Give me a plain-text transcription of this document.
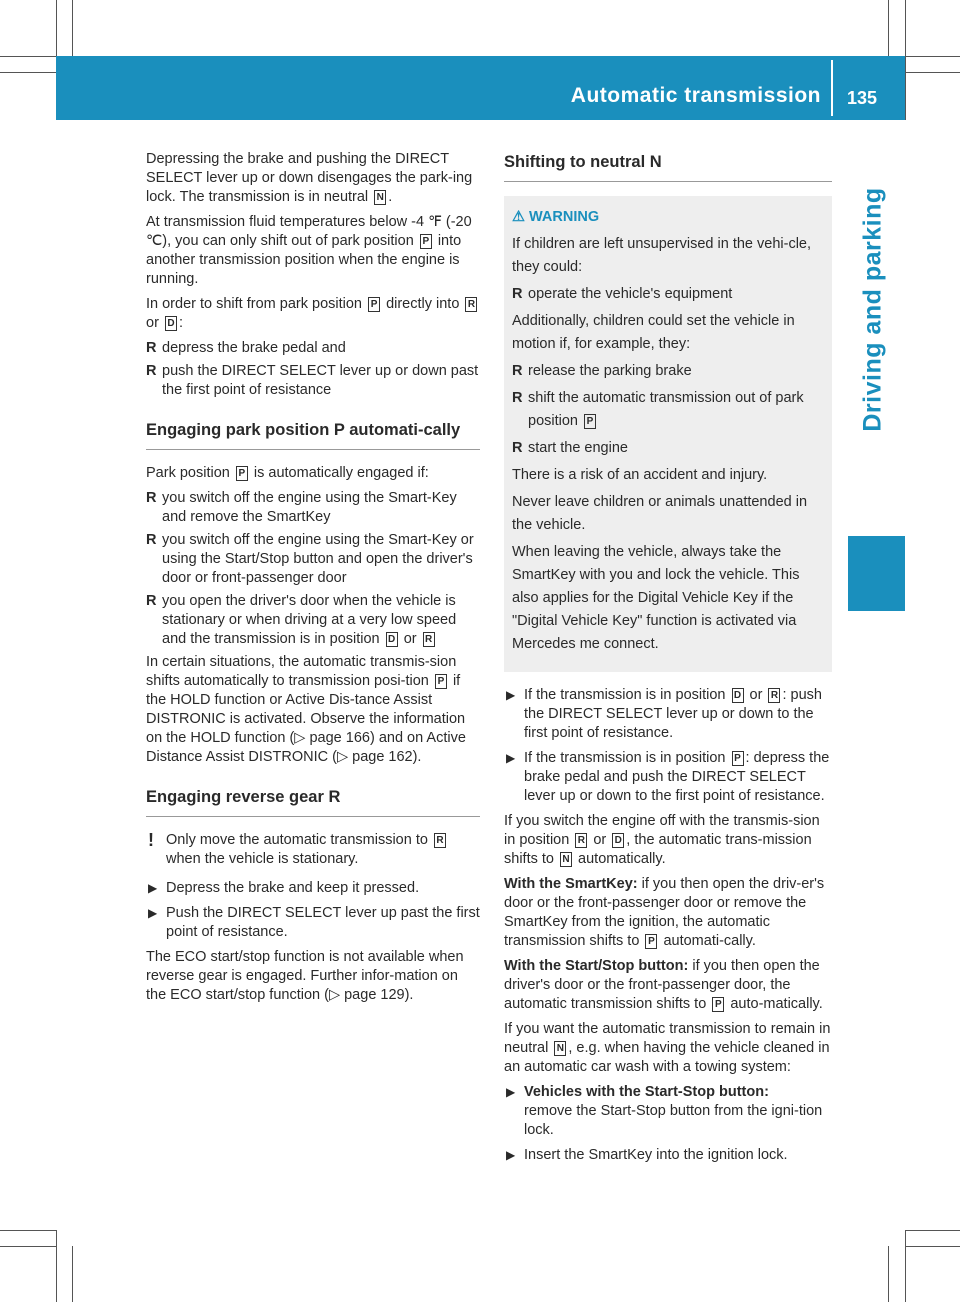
Automatic transmission 135
Driving and parking

Depressing the brake and pushing the DIRECT SELECT lever up or down disengages the park-ing lock. The transmission is in neutral N .

At transmission fluid temperatures below -4 ℉ (-20 ℃), you can only shift out of park position P into another transmission position when the engine is running.

In order to shift from park position P directly into R or D :

R depress the brake pedal and
R push the DIRECT SELECT lever up or down past the first point of resistance
Engaging park position P automati-cally

Park position P is automatically engaged if:

R you switch off the engine using the Smart-Key and remove the SmartKey
R you switch off the engine using the Smart-Key or using the Start/Stop button and open the driver's door or front-passenger door
R you open the driver's door when the vehicle is stationary or when driving at a very low speed and the transmission is in position D or R

In certain situations, the automatic transmis-sion shifts automatically to transmission posi-tion P if the HOLD function or Active Dis-tance Assist DISTRONIC is activated. Observe the information on the HOLD function (▷ page 166) and on Active Distance Assist DISTRONIC (▷ page 162).

Engaging reverse gear R
! Only move the automatic transmission to R when the vehicle is stationary.
▶ Depress the brake and keep it pressed.
▶ Push the DIRECT SELECT lever up past the first point of resistance.

The ECO start/stop function is not available when reverse gear is engaged. Further infor-mation on the ECO start/stop function (▷ page 129).

Shifting to neutral N
⚠ WARNING

If children are left unsupervised in the vehi-cle, they could:

R operate the vehicle's equipment

Additionally, children could set the vehicle in motion if, for example, they:

R release the parking brake
R shift the automatic transmission out of park position P
R start the engine

There is a risk of an accident and injury.

Never leave children or animals unattended in the vehicle.

When leaving the vehicle, always take the SmartKey with you and lock the vehicle. This also applies for the Digital Vehicle Key if the "Digital Vehicle Key" function is activated via Mercedes me connect.

▶ If the transmission is in position D or R : push the DIRECT SELECT lever up or down to the first point of resistance.
▶ If the transmission is in position P : depress the brake pedal and push the DIRECT SELECT lever up or down to the first point of resistance.

If you switch the engine off with the transmis-sion in position R or D , the automatic trans-mission shifts to N automatically.

With the SmartKey: if you then open the driv-er's door or the front-passenger door or remove the SmartKey from the ignition, the automatic transmission shifts to P automati-cally.

With the Start/Stop button: if you then open the driver's door or the front-passenger door, the automatic transmission shifts to P auto-matically.

If you want the automatic transmission to remain in neutral N , e.g. when having the vehicle cleaned in an automatic car wash with a towing system:

▶ Vehicles with the Start-Stop button:
remove the Start-Stop button from the igni-tion lock.
▶ Insert the SmartKey into the ignition lock.
